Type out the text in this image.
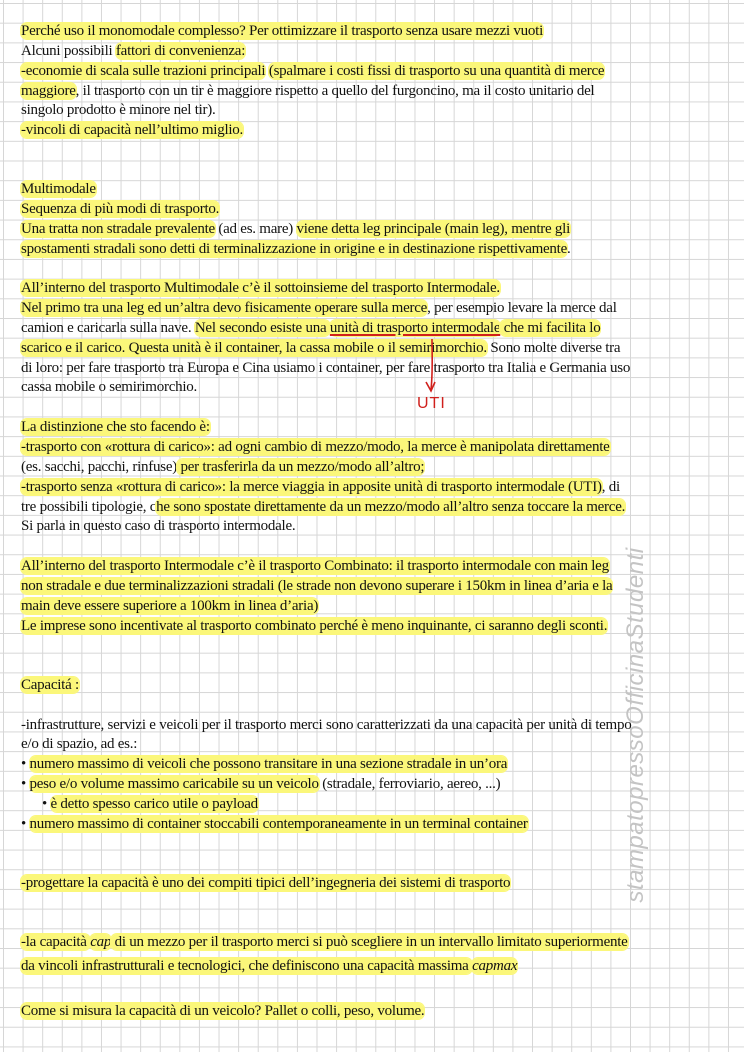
Perché uso il monomodale complesso? Per ottimizzare il trasporto senza usare mezzi vuoti
Alcuni possibili fattori di convenienza:
-economie di scala sulle trazioni principali (spalmare i costi fissi di trasporto su una quantità di merce
maggiore, il trasporto con un tir è maggiore rispetto a quello del furgoncino, ma il costo unitario del
singolo prodotto è minore nel tir).
-vincoli di capacità nell’ultimo miglio.
Multimodale
Sequenza di più modi di trasporto.
Una tratta non stradale prevalente (ad es. mare) viene detta leg principale (main leg), mentre gli
spostamenti stradali sono detti di terminalizzazione in origine e in destinazione rispettivamente.
All’interno del trasporto Multimodale c’è il sottoinsieme del trasporto Intermodale.
Nel primo tra una leg ed un’altra devo fisicamente operare sulla merce, per esempio levare la merce dal
camion e caricarla sulla nave. Nel secondo esiste una unità di trasporto intermodale che mi facilita lo
scarico e il carico. Questa unità è il container, la cassa mobile o il semirimorchio. Sono molte diverse tra
di loro: per fare trasporto tra Europa e Cina usiamo i container, per fare trasporto tra Italia e Germania uso
cassa mobile o semirimorchio.
La distinzione che sto facendo è:
-trasporto con «rottura di carico»: ad ogni cambio di mezzo/modo, la merce è manipolata direttamente
(es. sacchi, pacchi, rinfuse) per trasferirla da un mezzo/modo all’altro;
-trasporto senza «rottura di carico»: la merce viaggia in apposite unità di trasporto intermodale (UTI), di
tre possibili tipologie, che sono spostate direttamente da un mezzo/modo all’altro senza toccare la merce.
Si parla in questo caso di trasporto intermodale.
All’interno del trasporto Intermodale c’è il trasporto Combinato: il trasporto intermodale con main leg
non stradale e due terminalizzazioni stradali (le strade non devono superare i 150km in linea d’aria e la
main deve essere superiore a 100km in linea d’aria)
Le imprese sono incentivate al trasporto combinato perché è meno inquinante, ci saranno degli sconti.
Capacitá :
-infrastrutture, servizi e veicoli per il trasporto merci sono caratterizzati da una capacità per unità di tempo
e/o di spazio, ad es.:
• numero massimo di veicoli che possono transitare in una sezione stradale in un’ora
• peso e/o volume massimo caricabile su un veicolo (stradale, ferroviario, aereo, ...)
• è detto spesso carico utile o payload
• numero massimo di container stoccabili contemporaneamente in un terminal container
-progettare la capacità è uno dei compiti tipici dell’ingegneria dei sistemi di trasporto
-la capacità cap di un mezzo per il trasporto merci si può scegliere in un intervallo limitato superiormente
da vincoli infrastrutturali e tecnologici, che definiscono una capacità massima capmax
Come si misura la capacità di un veicolo? Pallet o colli, peso, volume.
stampatopressoOfficinaStudenti
UTI
